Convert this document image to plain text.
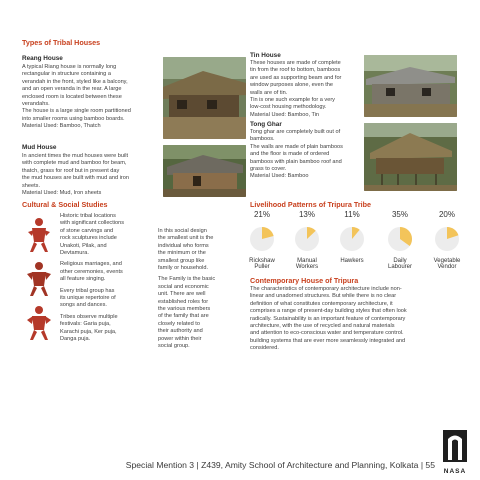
Types of Tribal Houses
Reang House
A typical Riang house is normally long
rectangular in structure containing a
verandah in the front, styled like a balcony,
and an open veranda in the rear. A large
enclosed room is located between these
verandahs.
The house is a large single room partitioned
into smaller rooms using bamboo boards.
Material Used: Bamboo, Thatch
Mud House
In ancient times the mud houses were built
with complete mud and bamboo for beam,
thatch, grass for roof but in present day
the mud houses are built with mud and iron
sheets.
Material Used: Mud, Iron sheets
Tin House
These houses are made of complete
tin from the roof to bottom, bamboos
are used as supporting beam and for
window purposes alone, even the
walls are of tin.
Tin is one such example for a very
low-cost housing methodology.
Material Used: Bamboo, Tin
Tong Ghar
Tong ghar are completely built out of
bamboos.
The walls are made of plain bamboos
and the floor is made of ordered
bamboos with plain bamboo roof and
grass to cover.
Material Used: Bamboo
Cultural & Social Studies
Historic tribal locations
with significant collections
of stone carvings and
rock sculptures include
Unakoti, Pilak, and
Devtamura.
Religious marriages, and
other ceremonies, events
all feature singing.
Every tribal group has
its unique repertoire of
songs and dances.
Tribes observe multiple
festivals: Garia puja,
Karachi puja, Ker puja,
Danga puja.
In this social design
the smallest unit is the
individual who forms
the minimum or the
smallest group like
family or household.
The Family is the basic
social and economic
unit. There are well
established roles for
the various members
of the family that are
closely related to
their authority and
power within their
social group.
Livelihood Patterns of Tripura Tribe
21%	13%	11%	35%	20%
Rickshaw
Puller
Manual
Workers
Hawkers	Daily
Labourer
Vegetable
Vendor
Contemporary House of Tripura
The characteristics of contemporary architecture include non-
linear and unadorned structures. But while there is no clear
definition of what constitutes contemporary architecture, it
comprises a range of present-day building styles that often look
radically. Sustainability is an important feature of contemporary
architecture, with the use of recycled and natural materials
and attention to eco-conscious water and temperature control.
building systems that are ever more seamlessly integrated and
considered.
Special Mention 3 | Z439, Amity School of Architecture and Planning, Kolkata | 55
NASA
